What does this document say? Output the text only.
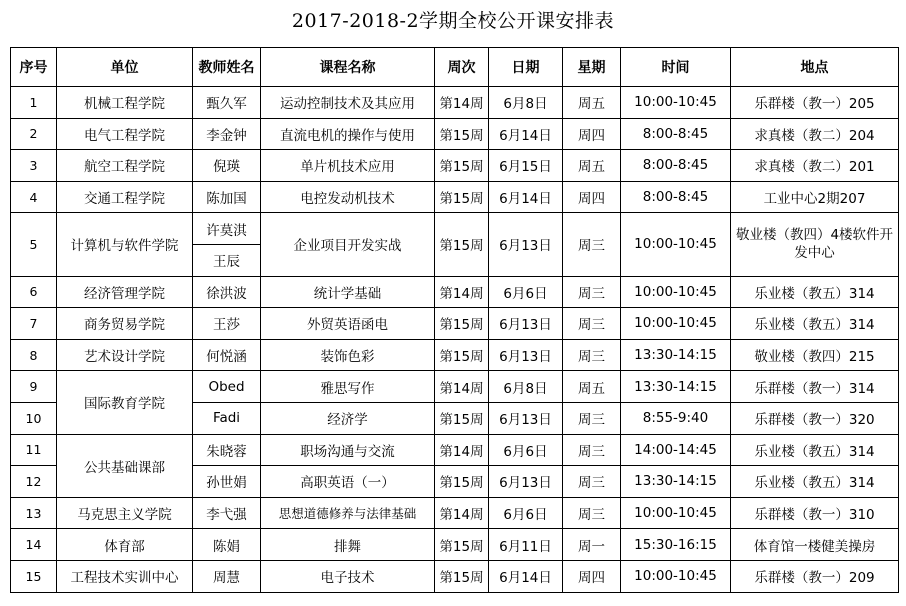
2017-2018-2学期全校公开课安排表
序号	单位	教师姓名	课程名称	周次	日期	星期	时间	地点
1	机械工程学院	甄久军	运动控制技术及其应用	第14周	6月8日	周五	10:00-10:45	乐群楼（教一）205
2	电气工程学院	李金钟	直流电机的操作与使用	第15周	6月14日	周四	8:00-8:45	求真楼（教二）204
3	航空工程学院	倪瑛	单片机技术应用	第15周	6月15日	周五	8:00-8:45	求真楼（教二）201
4	交通工程学院	陈加国	电控发动机技术	第15周	6月14日	周四	8:00-8:45	工业中心2期207
5	计算机与软件学院	许莫淇	企业项目开发实战	第15周	6月13日	周三	10:00-10:45	敬业楼（教四）4楼软件开发中心
		王辰						
6	经济管理学院	徐洪波	统计学基础	第14周	6月6日	周三	10:00-10:45	乐业楼（教五）314
7	商务贸易学院	王莎	外贸英语函电	第15周	6月13日	周三	10:00-10:45	乐业楼（教五）314
8	艺术设计学院	何悦涵	装饰色彩	第15周	6月13日	周三	13:30-14:15	敬业楼（教四）215
9	国际教育学院	Obed	雅思写作	第14周	6月8日	周五	13:30-14:15	乐群楼（教一）314
10		Fadi	经济学	第15周	6月13日	周三	8:55-9:40	乐群楼（教一）320
11	公共基础课部	朱晓蓉	职场沟通与交流	第14周	6月6日	周三	14:00-14:45	乐业楼（教五）314
12		孙世娟	高职英语（一）	第15周	6月13日	周三	13:30-14:15	乐业楼（教五）314
13	马克思主义学院	李弋强	思想道德修养与法律基础	第14周	6月6日	周三	10:00-10:45	乐群楼（教一）310
14	体育部	陈娟	排舞	第15周	6月11日	周一	15:30-16:15	体育馆一楼健美操房
15	工程技术实训中心	周慧	电子技术	第15周	6月14日	周四	10:00-10:45	乐群楼（教一）209
